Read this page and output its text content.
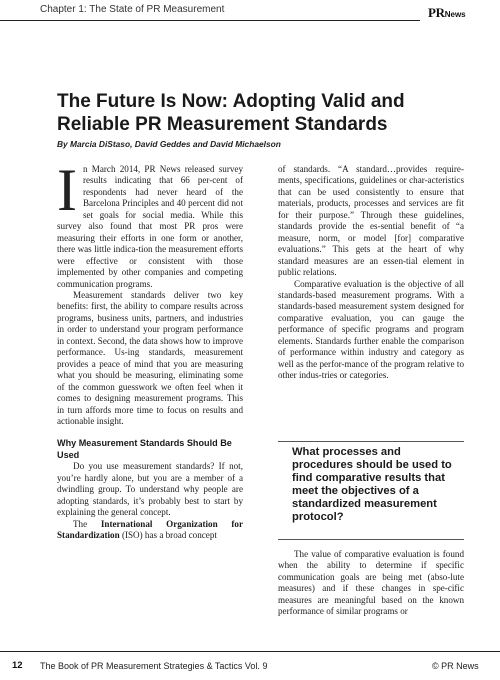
Chapter 1: The State of PR Measurement	PRNews
The Future Is Now: Adopting Valid and Reliable PR Measurement Standards
By Marcia DiStaso, David Geddes and David Michaelson

In March 2014, PR News released survey results indicating that 66 per-cent of respondents had never heard of the Barcelona Principles and 40 percent did not set goals for social media. While this survey also found that most PR pros were measuring their efforts in one form or another, there was little indica-tion the measurement efforts were effective or consistent with those implemented by other companies and competing communication programs.

Measurement standards deliver two key benefits: first, the ability to compare results across programs, business units, partners, and industries in order to understand your program performance in context. Second, the data shows how to improve performance. Us-ing standards, measurement provides a peace of mind that you are measuring what you should be measuring, eliminating some of the common guesswork we often feel when it comes to designing measurement programs. This in turn affords more time to focus on results and actionable insight.

Why Measurement Standards Should Be Used

Do you use measurement standards? If not, you’re hardly alone, but you are a member of a dwindling group. To understand why people are adopting standards, it’s probably best to start by explaining the general concept.

The International Organization for Standardization (ISO) has a broad concept

of standards. “A standard…provides require-ments, specifications, guidelines or char-acteristics that can be used consistently to ensure that materials, products, processes and services are fit for their purpose.” Through these guidelines, standards provide the es-sential benefit of “a measure, norm, or model [for] comparative evaluations.” This gets at the heart of why standard measures are an essen-tial element in public relations.

Comparative evaluation is the objective of all standards-based measurement programs. With a standards-based measurement system designed for comparative evaluation, you can gauge the performance of specific programs and program elements. Standards further enable the comparison of performance within industry and category as well as the perfor-mance of the program relative to other indus-tries or categories.

What processes and procedures should be used to find comparative results that meet the objectives of a standardized measurement protocol?

The value of comparative evaluation is found when the ability to determine if specific communication goals are being met (abso-lute measures) and if these changes in spe-cific measures are meaningful based on the known performance of similar programs or

12 The Book of PR Measurement Strategies & Tactics Vol. 9	© PR News
